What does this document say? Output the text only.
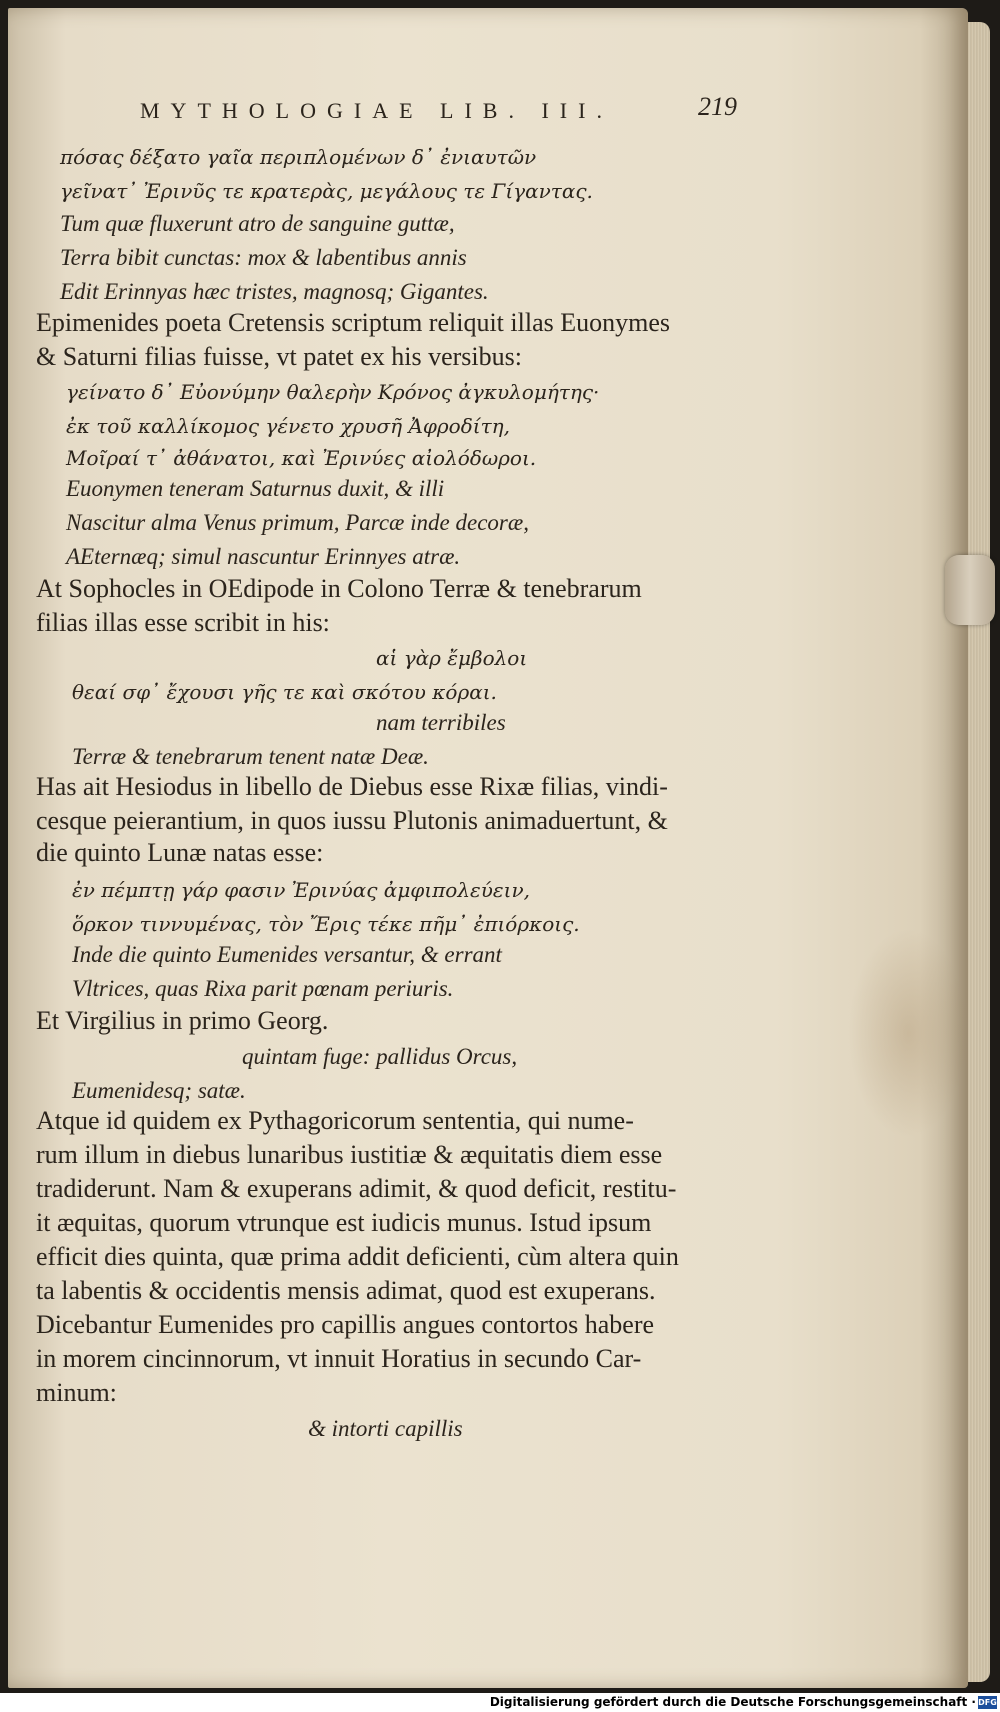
MYTHOLOGIAE LIB. III.	219
πόσας δέξατο γαῖα περιπλομένων δ᾽ ἐνιαυτῶν
γεῖνατ᾽ Ἐρινῦς τε κρατερὰς, μεγάλους τε Γίγαντας.
Tum quæ fluxerunt atro de sanguine guttæ,
Terra bibit cunctas: mox & labentibus annis
Edit Erinnyas hæc tristes, magnosq; Gigantes.
Epimenides poeta Cretensis scriptum reliquit illas Euonymes
& Saturni filias fuisse, vt patet ex his versibus:
γείνατο δ᾽ Εὐονύμην θαλερὴν Κρόνος ἀγκυλομήτης·
ἐκ τοῦ καλλίκομος γένετο χρυσῆ Ἀφροδίτη,
Μοῖραί τ᾽ ἀθάνατοι, καὶ Ἐρινύες αἰολόδωροι.
Euonymen teneram Saturnus duxit, & illi
Nascitur alma Venus primum, Parcæ inde decoræ,
AEternæq; simul nascuntur Erinnyes atræ.
At Sophocles in OEdipode in Colono Terræ & tenebrarum
filias illas esse scribit in his:
αἱ γὰρ ἔμβολοι
θεαί σφ᾽ ἔχουσι γῆς τε καὶ σκότου κόραι.
nam terribiles
Terræ & tenebrarum tenent natæ Deæ.
Has ait Hesiodus in libello de Diebus esse Rixæ filias, vindi-
cesque peierantium, in quos iussu Plutonis animaduertunt, &
die quinto Lunæ natas esse:
ἐν πέμπτῃ γάρ φασιν Ἐρινύας ἀμφιπολεύειν,
ὅρκον τιννυμένας, τὸν Ἔρις τέκε πῆμ᾽ ἐπιόρκοις.
Inde die quinto Eumenides versantur, & errant
Vltrices, quas Rixa parit pœnam periuris.
Et Virgilius in primo Georg.
quintam fuge: pallidus Orcus,
Eumenidesq; satæ.
Atque id quidem ex Pythagoricorum sententia, qui nume-
rum illum in diebus lunaribus iustitiæ & æquitatis diem esse
tradiderunt. Nam & exuperans adimit, & quod deficit, restitu-
it æquitas, quorum vtrunque est iudicis munus. Istud ipsum
efficit dies quinta, quæ prima addit deficienti, cùm altera quin
ta labentis & occidentis mensis adimat, quod est exuperans.
Dicebantur Eumenides pro capillis angues contortos habere
in morem cincinnorum, vt innuit Horatius in secundo Car-
minum:
& intorti capillis
Digitalisierung gefördert durch die Deutsche Forschungsgemeinschaft · DFG
